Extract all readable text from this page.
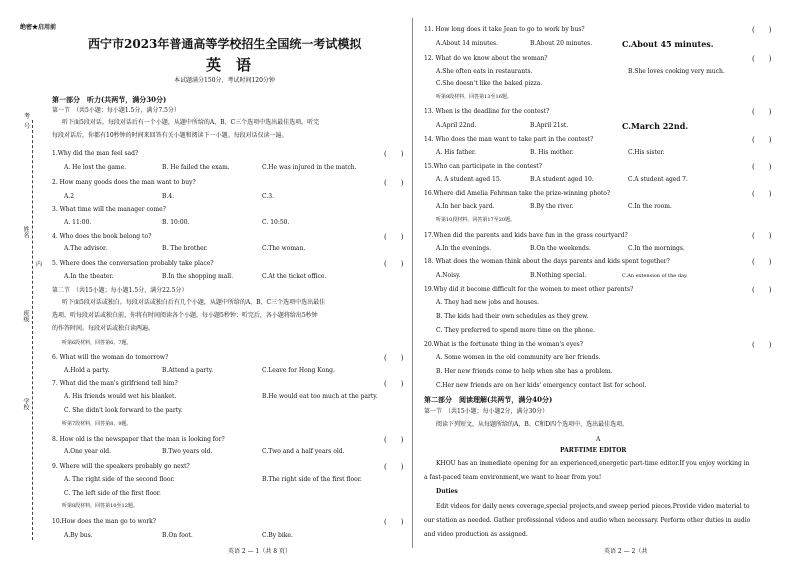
考
号
姓名
内
班级
学校
绝密★启用前
西宁市2023年普通高等学校招生全国统一考试模拟
英　语
本试题满分150分，考试时间120分钟
第一部分　听力(共两节，满分30分)
第一节　（共5小题；每小题1.5分，满分7.5分）
听下面5段对话。每段对话后有一个小题，从题中所给的A、B、C三个选项中选出最佳选项。听完
每段对话后，你都有10秒钟的时间来回答有关小题和阅读下一小题。每段对话仅读一遍。
1.Why did the man feel sad?	(　　)
A. He lost the game.	B. He failed the exam.	C.He was injured in the match.
2. How many goods does the man want to buy?	(　　)
A.2	B.4.	C.3.
3. What time will the manager come?
A. 11:00.	B. 10:00.	C. 10:50.
4. Who does the book belong to?	(　　)
A.The advisor.	B. The brother.	C.The woman.
5. Where does the conversation probably take place?	(　　)
A.In the theater.	B.In the shopping mall.	C.At the ticket office.
第二节　（共15小题；每小题1.5分，满分22.5分）
听下面5段对话或独白。每段对话或独白后有几个小题，从题中所给的A、B、C三个选项中选出最佳
选项。听每段对话或独白前，你将有时间阅读各个小题，每小题5秒钟；听完后，各小题将给出5秒钟
的作答时间。每段对话或独白读两遍。
听第6段材料，回答第6、7题。
6. What will the woman do tomorrow?	(　　)
A.Hold a party.	B.Attend a party.	C.Leave for Hong Kong.
7. What did the man's girlfriend tell him?	(　　)
A. His friends would wet his blanket.	B.He would eat too much at the party.
C. She didn't look forward to the party.
听第7段材料，回答第8、9题。
8. How old is the newspaper that the man is looking for?	(　　)
A.One year old.	B.Two years old.	C.Two and a half years old.
9. Where will the speakers probably go next?	(　　)
A. The right side of the second floor.	B.The right side of the first floor.
C. The left side of the first floor.
听第8段材料，回答第10至12题。
10.How does the man go to work?	(　　)
A.By bus.	B.On foot.	C.By bike.
英语 2 — 1（共 8 页）
11. How long does it take Jean to go to work by bus?	(　　)
A.About 14 minutes.	B.About 20 minutes.	C.About 45 minutes.
12. What do we know about the woman?	(　　)
A.She often eats in restaurants.	B.She loves cooking very much.
C.She doesn't like the baked pizza.
听第9段材料，回答第13至16题。
13. When is the deadline for the contest?	(　　)
A.April 22nd.	B.April 21st.	C.March 22nd.
14. Who does the man want to take part in the contest?	(　　)
A. His father.	B. His mother.	C.His sister.
15.Who can participate in the contest?	(　　)
A. A student aged 15.	B.A student aged 10.	C.A student aged 7.
16.Where did Amelia Fehrman take the prize-winning photo?	(　　)
A.In her back yard.	B.By the river.	C.In the room.
听第10段材料，回答第17至20题。
17.When did the parents and kids have fun in the grass courtyard?	(　　)
A.In the evenings.	B.On the weekends.	C.In the mornings.
18. What does the woman think about the days parents and kids spent together?	(　　)
A.Noisy.	B.Nothing special.	C.An extension of the day.
19.Why did it become difficult for the women to meet other parents?	(　　)
A. They had new jobs and houses.
B. The kids had their own schedules as they grew.
C. They preferred to spend more time on the phone.
20.What is the fortunate thing in the woman's eyes?	(　　)
A. Some women in the old community are her friends.
B. Her new friends come to help when she has a problem.
C.Her new friends are on her kids' emergency contact list for school.
第二部分　阅读理解(共两节，满分40分)
第一节　（共15小题；每小题2分，满分30分）
阅读下列短文，从每题所给的A、B、C和D四个选项中，选出最佳选项。
A
PART-TIME EDITOR
KHOU has an immediate opening for an experienced,energetic part-time editor.If you enjoy working in
a fast-paced team environment,we want to hear from you!
Duties
Edit videos for daily news coverage,special projects,and sweep period pieces.Provide video material to
our station as needed. Gather professional videos and audio when necessary. Perform other duties in audio
and video production as assigned.
英语 2 — 2（共
